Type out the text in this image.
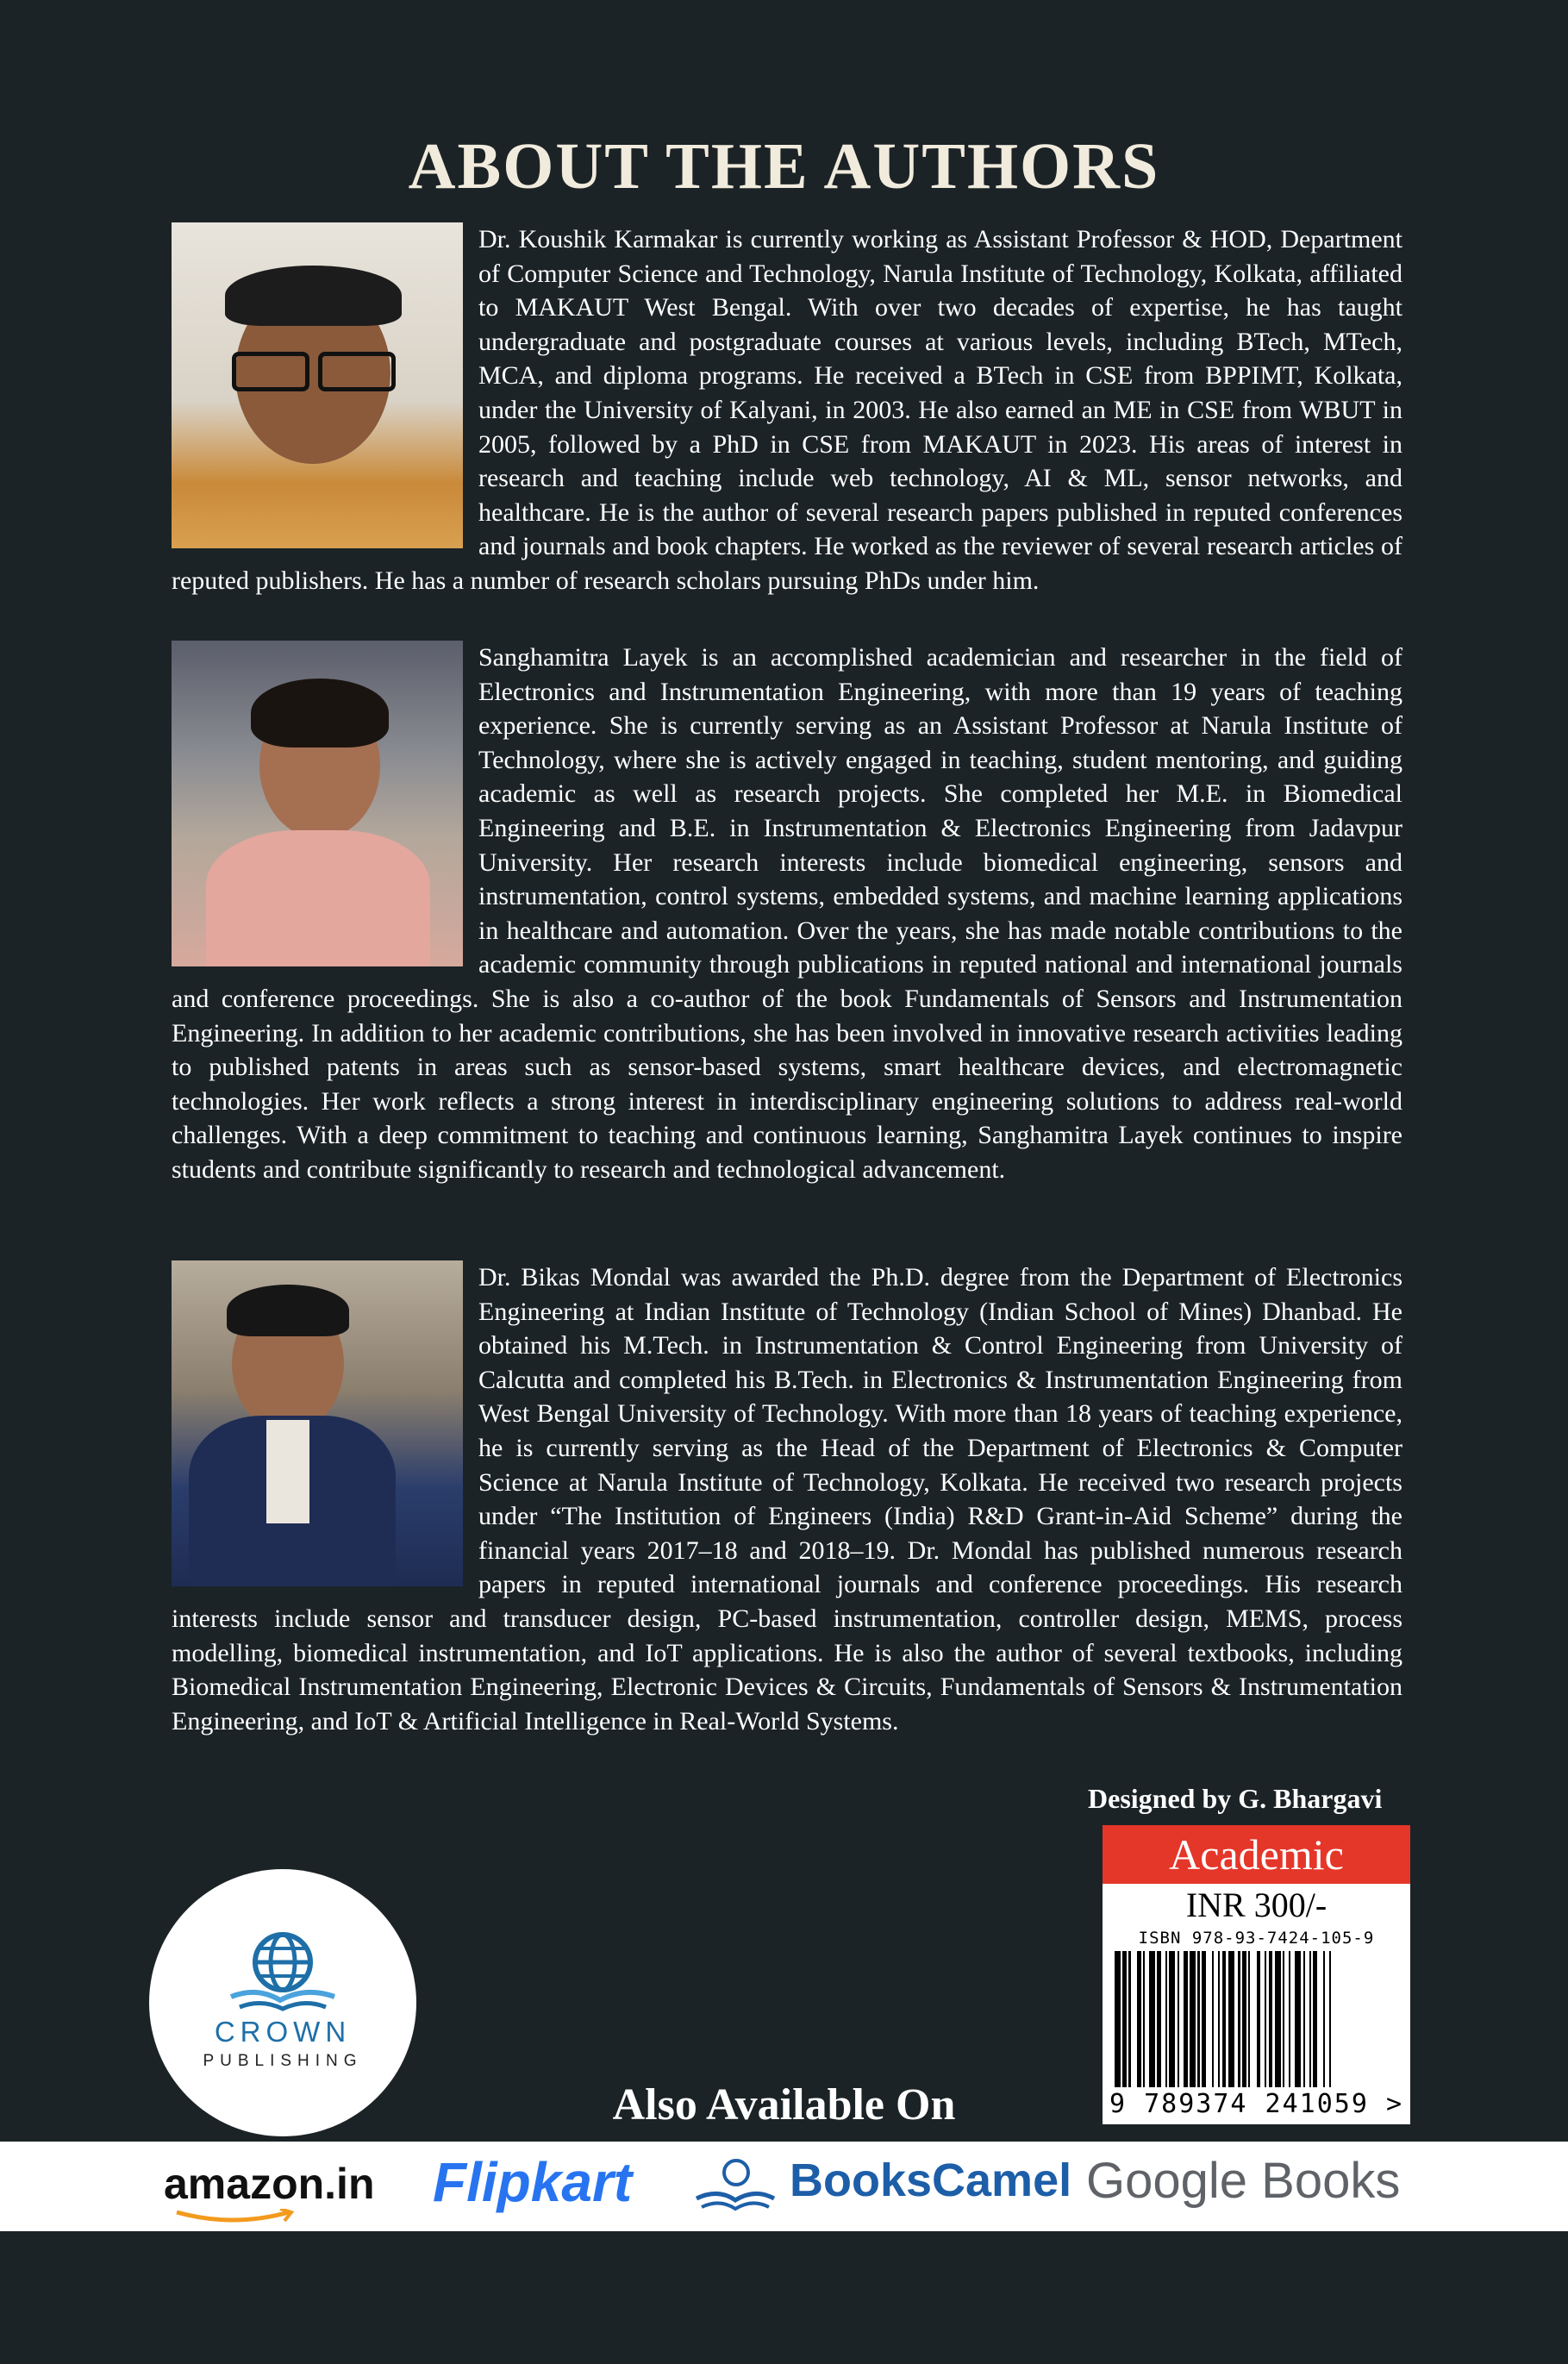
ABOUT THE AUTHORS

Dr. Koushik Karmakar is currently working as Assistant Professor & HOD, Department of Computer Science and Technology, Narula Institute of Technology, Kolkata, affiliated to MAKAUT West Bengal. With over two decades of expertise, he has taught undergraduate and postgraduate courses at various levels, including BTech, MTech, MCA, and diploma programs. He received a BTech in CSE from BPPIMT, Kolkata, under the University of Kalyani, in 2003. He also earned an ME in CSE from WBUT in 2005, followed by a PhD in CSE from MAKAUT in 2023. His areas of interest in research and teaching include web technology, AI & ML, sensor networks, and healthcare. He is the author of several research papers published in reputed conferences and journals and book chapters. He worked as the reviewer of several research articles of reputed publishers. He has a number of research scholars pursuing PhDs under him.

Sanghamitra Layek is an accomplished academician and researcher in the field of Electronics and Instrumentation Engineering, with more than 19 years of teaching experience. She is currently serving as an Assistant Professor at Narula Institute of Technology, where she is actively engaged in teaching, student mentoring, and guiding academic as well as research projects. She completed her M.E. in Biomedical Engineering and B.E. in Instrumentation & Electronics Engineering from Jadavpur University. Her research interests include biomedical engineering, sensors and instrumentation, control systems, embedded systems, and machine learning applications in healthcare and automation. Over the years, she has made notable contributions to the academic community through publications in reputed national and international journals and conference proceedings. She is also a co-author of the book Fundamentals of Sensors and Instrumentation Engineering. In addition to her academic contributions, she has been involved in innovative research activities leading to published patents in areas such as sensor-based systems, smart healthcare devices, and electromagnetic technologies. Her work reflects a strong interest in interdisciplinary engineering solutions to address real-world challenges. With a deep commitment to teaching and continuous learning, Sanghamitra Layek continues to inspire students and contribute significantly to research and technological advancement.

Dr. Bikas Mondal was awarded the Ph.D. degree from the Department of Electronics Engineering at Indian Institute of Technology (Indian School of Mines) Dhanbad. He obtained his M.Tech. in Instrumentation & Control Engineering from University of Calcutta and completed his B.Tech. in Electronics & Instrumentation Engineering from West Bengal University of Technology. With more than 18 years of teaching experience, he is currently serving as the Head of the Department of Electronics & Computer Science at Narula Institute of Technology, Kolkata. He received two research projects under “The Institution of Engineers (India) R&D Grant-in-Aid Scheme” during the financial years 2017–18 and 2018–19. Dr. Mondal has published numerous research papers in reputed international journals and conference proceedings. His research interests include sensor and transducer design, PC-based instrumentation, controller design, MEMS, process modelling, biomedical instrumentation, and IoT applications. He is also the author of several textbooks, including Biomedical Instrumentation Engineering, Electronic Devices & Circuits, Fundamentals of Sensors & Instrumentation Engineering, and IoT & Artificial Intelligence in Real-World Systems.

Designed by G. Bhargavi
Academic
INR 300/-
ISBN 978-93-7424-105-9
9 789374 241059 >
CROWN
PUBLISHING
Also Available On
amazon.in Flipkart	BooksCamel Google Books
